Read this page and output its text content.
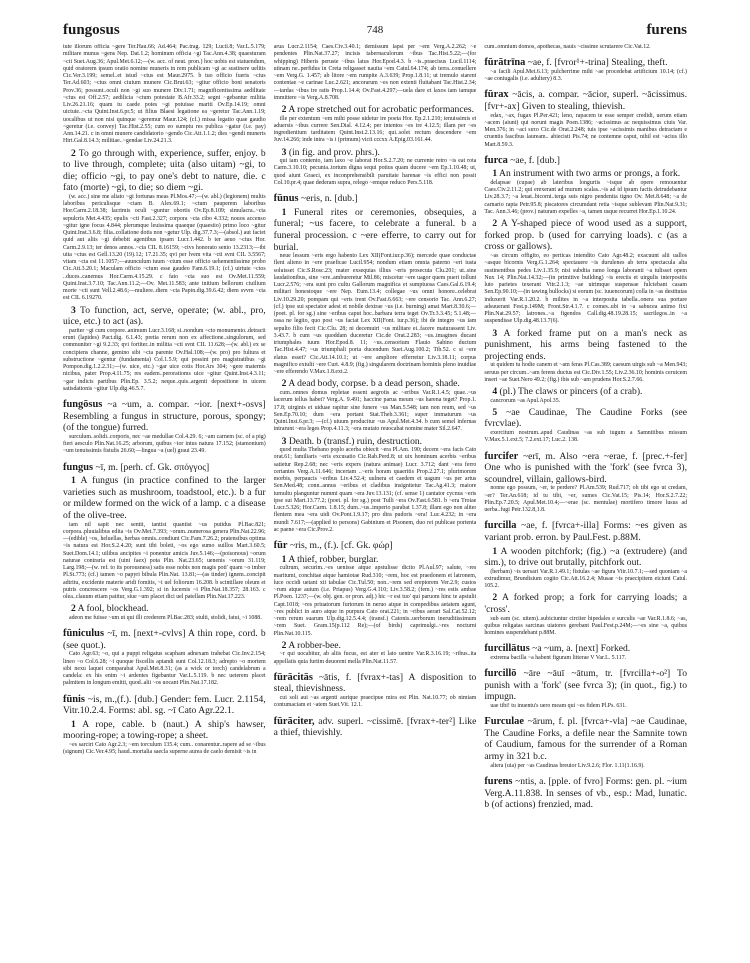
fungosus	748	furens

tute illorum officia ~gere Ter.Hau.66; Ad.464; Pac.trag. 129; Lucil.8; Var.L.5.179; militare munus ~gens Nep. Dat.1.2; hominum officia ~gi Tac.Ann.4.38; quaesturam ~cti Suet.Aug.36; Apul.Met.6.12;—(w. acc. of neut. pron.) hoc uobis est statuendum, quid oratorem ipsum oratio nomine muneris in rem publicam ~gi ac sustinere uelitis Cic.Ver.3.199; semel..et istud ~ctus est Maur.2975. b tuo officio fueris ~ctus Ter.Ad.603; ~ctus omni ciuium munere Cic.Brut.63; ~gitur officio boni senatoris Prov.36; possunt..oculi non ~gi suo munere Div.1.71; magnificentissima aedilitate ~ctus est Off.2.57; aedilicia ~ctum potestate B.Afr.33.2; segni ~gebantur militia Liv.26.21.16; quam tu caede potes ~gi potuisse mariti Ov.Ep.14.19; omni uictute..~cta Quint.Inst.6.pr.5; ut filius Blaesi legatione ea ~geretur Tac.Ann.1.19; uocalibus ut non nisi quinque ~geremur Maur.124; (cf.) missa legatio quae gaudio ~geretur (i.e. convey) Tac.Hist.2.55; cum eo sumptu res publica ~gatur (i.e. pay) Ann.14.21. c in omni munere candidatorio ~gendo Cic.Att.1.1.2; dies ~gendi muneris Hirt.Gal.8.14.3; militiae..~gendae Liv.24.21.3.

2 To go through with, experience, suffer, enjoy. b to live through, complete; uita (also uitam) ~gi, to die; officio ~gi, to pay one's debt to nature, die. c fato (morte) ~gi, to die; so diem ~gi.

(w. acc.) sine me aliato ~gi fortunas meas Pl.Mos.47;—(w. abl.) (legionem) multis laboribus periculisque ~ctam B. Alex.69.1; ~ctum pauperem laboribus Hor.Carm.2.18.38; lacrimis oculi ~guntur obortis Ov.Ep.8.109; simulacra..~cta sepulcris Met.4.435; epulis ~cti Fast.2.327; corpora ~cta cibo 4.332; nouos accenso ~gitur igne focus 4.844; plerumque leuissima quaeque (quaestio) primo loco ~gitur Quint.Inst.3.6.8; filia..collatione dotis non ~getur Ulp. dig.37.7.3;—(absol.) aut faciet quid aut aliis ~gi debebit agentibus ipsam Lucr.1.442. b ter aeuo ~ctus Hor. Carm.2.9.13; ter denos annos..~cta CIL 8.16159; ~ctvs honorato senio 13.2313;—ibi uita ~ctus est Gell.13.20 (19).12; 17.21.35; qvi per lvem vita ~cti svnt CIL 3.5567; vitam ~cta est 11.1057;—auunculum tuum ~ctum esse officio uehementissime probo Cic.Att.3.20.1; Maculam officio ~ctum esse gaudeo Fam.6.19.1; (cf.) uirtute ~ctos ..duces..canemus Hor.Carm.4.15.29. c fato ~cta suo est Ov.Met.11.559; Quint.Inst.3.7.10; Tac.Ann.11.2;—Ov. Met.11.583; ante initium bellorum ciuilium morte ~cti sunt Vell.2.48.6;—muliere..diem ~cta Papin.dig.39.6.42; diem svvm ~cta est CIL 6.19270.

3 To function, act, serve, operate; (w. abl., pro, uice, etc.) to act (as).

pariter ~gi cum corpore..animum Lucr.3.168; si..nondum ~cto monumento..detracti erunt (lapides) Pact.dig. 6.1.43; pretia rerum non ex affectione..singulorum, sed communiter ~gi 9.2.33; qvi fortiter..in militia ~cti svnt CIL 11.628;—(w. abl.) ex se concipiens channe, gemino sibi ~cta parente Ov.Hal.108;—(w. pro) pro fultura et substructione ~gentur (fundamenta) Col.1.5.9; qui possint pro magistratibus ~gi Pompon.dig.1.2.2.31;—(w. uice, etc.) ~gar uice cotis Hor.Ars 304; ~gere maternis nicibus, pater Prop.4.11.75; res eadem..peroratioms uice ~gitur Quint.Inst.4.3.11; ~gar indicis partibus Plin.Ep. 3.5.2; neque..quis..argenti depositione in uicem satisdationis ~gitur Ulp.dig.46.5.7.

fungōsus ~a ~um, a. compar. ~ior. [next+-osvs] Resembling a fungus in structure, porous, spongy; (of the tongue) furred.

surculum..solidi..corporis, nec ~ae medullae Col.4.29. 6; ~am carnem (sc. of a pig) fieri aesculo Plin.Nat.16.25; arborum, quibus ~ior intus natura 17.152; (stamonium) ~um tenuissimis fistulis 26.60;—lingua ~a (uel) graui 23.49.

fungus ~ī, m. [perh. cf. Gk. σπόγγος]

1 A fungus (in practice confined to the larger varieties such as mushroom, toadstool, etc.). b a fur or mildew formed on the wick of a lamp. c a disease of the olive-tree.

iam nil sapit nec sentit, tantist quantist ~us putidus Pl.Bac.821; corpora..pluuialibus edita ~is Ov.Met.7.393; ~orum..numerosa genera Plin.Nat.22.96;—(edible) ~os, heluellas, herbas omnis..condiunt Cic.Fam.7.26.2; pratensibus optima ~is natura est Hor.S.2.4.20; sunt tibi boleti, ~os ego sumo suillos Mart.3.60.5; Suet.Dom.14.1; uilibus ancipites ~i ponentur amicis Juv.5.146;—(poisonous) ~orum naturae contraria est (uini faex) pota Plin. Nat.23.65; uenenis ~orum 31.119; Larg.198;—(w. ref. to its porousness) satis esse nobis non magis poti' quam ~o imber Pl.St.773; (cf.) tamen ~o papyri bibula Plin.Nat. 13.81;—(as tinder) ignem..concipit adtritu, excidente materie aridi fomitis, ~i uel foliorum 16.208. b scintillare oleum et putris concrescere ~os Verg.G.1.392; si in lucernis ~i Plin.Nat.18.357; 28.163. c olea..clauum etiam patitur, siue ~um placet dici uel patellam Plin.Nat.17.223.

2 A fool, blockhead.

adeon me fuisse ~um ut qui illi crederem Pl.Bac.283; stulti, stolidi, fatui, ~i 1088.

fūniculus ~ī, m. [next+-cvlvs] A thin rope, cord. b (see quot.).

Cato Agr.63; ~o, qui a puppi religatus scapham adnexam trahebat Cic.Inv.2.154; lineo ~o Col.6.28; ~i quoque fiscellis aptandi sunt Col.12.18.3; adrepto ~o mortem sibi nexu laquei comparabat Apul.Met.8.31; (as a wick or torch) candelabrum a candela: ex his enim ~i ardentes figebantur Var.L.5.119. b nec ueterem placet palmitem in longum emitti, quod..alii ~os uocant Plin.Nat.17.182.

fūnis ~is, m.,(f.). [dub.] Gender: fem. Lucr. 2.1154, Vitr.10.2.4. Forms: abl. sg. ~ī Cato Agr.22.1.

1 A rope, cable. b (naut.) A ship's hawser, mooring-rope; a towing-rope; a sheet.

~es sarciri Cato Agr.2.3; ~em torculum 135.4; cum.. conarentur..rapere ad se ~ibus (signum) Cic.Ver.4.95; haud..mortalia saecla superne aurea de caelo demisit ~is in

arua Lucr.2.1154; Caes.Civ.3.40.1; demissum lapsi per ~em Verg.A.2.262; ~e pendentes Plin.Nat.37.27; incisis tabernaculorum ~ibus Tac.Hist.5.22;—(for whipping) Hiberis peruste ~ibus latus Hor.Epod.4.3. b ~is..praecisus Lucil.1114; utinam ne..perfidus in Creta religasset nauita ~em Catul.64.174; ab terra..conuellere ~em Verg.G. 1.457; ab litore ~em rumpite A.3.639; Prop.1.8.11; ut tremulo starent contentae ~e carinae Luc.2.621; ancorarum ~es non extenti fluitabant Tac.Hist.2.34;—tardas ~ibus ire ratis Prop.1.14.4; Ov.Fast.4.297;—uela dare et laxos iam iamque immittere ~is Verg.A.8.708.

2 A rope stretched out for acrobatic performances.

ille per extentum ~em mihi posse uidetur ire poeta Hor. Ep.2.1.210; tenuissimis et aduersis ~ibus currere Sen.Dial. 4.12.4; per intentos ~es ire 4.12.5; illam per ~es ingredientium tarditatem Quint.Inst.2.13.16; qui..solet rectum descendere ~em Juv.14.266; inde intra ~is i (primum) vicit cccxx A.Epig.03.161.44.

3 (in fig. and prov. phrs.).

qui iam contento, iam laxo ~e laborat Hor.S.2.7.20; ne currente retro ~is eat rota Carm.3.10.10; pecunia..tortum digna sequi potius quam ducere ~em Ep.1.10.48; ut, quod aiunt Graeci, ex inconprehensibili paruitate harenae ~is effici non possit Col.10.pr.4; quae dederam supra, relego ~emque reduco Pers.5.118.

fūnus ~eris, n. [dub.]

1 Funeral rites or ceremonies, obsequies, a funeral; ~us facere, to celebrate a funeral. b a funeral procession. c ~ere efferre, to carry out for burial.

neue lessum ~eris ergo habento Lex XII(Font.iur.p.36); mercede quae conductae flent alieno in ~ere praeficae Lucil.954; nondum etiam omnia paterno ~eri iusta soluisset Cic.S.Rosc.23; mater exsequias illius ~eris prosecuta Clu.201; ut..sine laudationibus, sine ~ere..ambureretur Mil.86; miscetur ~ere uagor quem pueri tollunt Lucr.2.576; ~era sunt pro cultu Gallorum magnifica et sumptuosa Caes.Gal.6.19.4; militari honestoque ~ere Nep. Eum.13.4; collegae ~us omni honore..celebrat Liv.10.29.20; pompam qui ~eris irent Ov.Fast.6.663; ~ere censorio Tac. Ann.6.27; (cf.) ipse sui spectator adest et nobile dextrae ~us (i.e. burning) amat Mart.8.30.6;—(poet. pl. for sg.) sine ~eribus caput hoc..barbara terra teget Ov.Tr.3.3.45; 5.1.48;—ossa ne legito, quo post ~us faciat Lex XII(Font. iur.p.36); ibi de integro ~us iam sepulto filio fecit Cic.Clu. 28; ni decemuiri ~us militare ei..facere maturassent Liv. 3.43.7. b cum ~us quoddam duceretur Cic.de Orat.2.283; ~us..imagines ducant triumphales tuum Hor.Epod.8. 11; ~us..censorium Flauio Sabino ductum Tac.Hist.4.47; ~us triumphali porta ducendum Suet.Aug.100.2; Tib.52. c si ~ere elatus esset? Cic.Att.14.10.1; ut ~ere ampliore efferretur Liv.3.18.11; corpus magnifico extulit ~ere Curt. 4.8.9; (fig.) singularem doctrinam hominis pleno inuidiae ~ere efferendo V.Max.1.8.ext.2.

2 A dead body, corpse. b a dead person, shade.

cum..omnes domus repletae essent aegrotis ac ~eribus Var.R.1.4.5; quae..~us lacerum tellus habet? Verg.A. 9.491; haccine parua meum ~us harena teget? Prop.1. 17.8; uirginis et uiduae rapitur sine funere ~us Man.5.548; iam non reum, sed ~us Sen.Ep.70.10; dum ~era portant Stat.Theb.3.361; super immaturum ~us Quint.Inst.6.pr.3; —(cf.) uiuum producitur ~us Apul.Met.4.34. b cum semel infernas intrarunt ~era leges Prop.4.11.3; ~era mutato reuocabat nomine mater Sil.2.647.

3 Death. b (transf.) ruin, destruction.

quod multa Thebano poplo acerba obiecit ~era Pl.Am. 190; decem ~era facis Cato orat.61; familiaris ~eris excusatio Cic.Rab.Perd.8; ut uix hominum acerbis ~eribus satietur Rep.2.68; nec ~eris expers (natura animae) Lucr. 3.712; dant ~era ferro certantes Verg.A.11.646; incertam ..~eris horam quaeritis Prop.2.27.1; plurimorum morbis, perpaucis ~eribus Liv.4.52.4; uulnera et caedem et uagum ~us per artus Sen.Med.48; conn..annus ~eribus et cladibus insignitetur Tac.Ag.41.3; maiore tumultu planguntur nummi quam ~era Juv.13.131; (cf. sense 1) cantator cycnus ~eris ipse sui Mart.13.77.2; (poet. pl. for sg.) post Tulli ~era Ov.Fast.6.581. b ~era Troiae Lucr.5.326; Hor.Carm. 1.8.15; dum..~us..imperio parabat 1.37.8; illam ego non aliter flentem mea ~era uidi Ov.Pont.1.9.17; pro dira pudoris ~era! Luc.4.232; in ~era mundi 7.617;—(applied to persons) Gabinium et Pisonem, duo rei publicae portenta ac paene ~era Cic.Prov.2.

fūr ~ris, m., (f.). [cf. Gk. φώρ]

1 A thief, robber, burglar.

cultrum, securim..~es uenisse atque apstulisse dicito Pl.Aul.97; salute, ~res maritumi, conchitae atque hamiotae Rud.310; ~rem, hoc est praedonem et latronem, luce occidi uetant xii tabulae Cic.Tul.50; non..~rem sed ereptorem Ver.2.9; custos ~rum atque auium (i.e. Priapus) Verg.G.4.110; Liv.3.58.2; (fem.) ~res estis ambae Pl.Poen. 1237;—(w. obj. gen. or pron. adj.) hic ~r est tuo' qui paruom hinc te apstulit Capt.1018; ~res priuatorum furtorum in neruo atque in compedibus aetatem agunt, ~res publici in auro atque in purpura Cato orat.221; in ~ribus aerari Sal.Cat.52.12; ~rem rerum suarum Ulp.dig.12.5.4.4; (transf.) Catonis..uerborum ineruditissimum ~rem Suet. Gram.15(p.112 Re);—(of birds) caprimulgi..~res nocturni Plin.Nat.10.115.

2 A robber-bee.

~r qui uocabitur, ab aliis fucus, est ater et lato uentre Var.R.3.16.19; ~ribus..ita appellatis quia furtim deuorent mella Plin.Nat.11.57.

fūrācitās ~ātis, f. [fvrax+-tas] A disposition to steal, thievishness.

cui soli aui ~as argenti aurique praecipue mira est Plin. Nat.10.77; ob nimiam contumaciam et ~atem Suet.Vit. 12.1.

fūrāciter, adv. superl. ~cissimē. [fvrax+-ter²] Like a thief, thievishly.

cum..omnium domos, apothecas, nauis ~cissime scrutarere Cic.Vat.12.

fūrātrīna ~ae, f. [fvror¹+-trina] Stealing, theft.

~a facili Apul.Met.6.13; pulcherrime mihi ~ae procedebat artificium 10.14; (cf.) ~ae coniugalis (i.e. adultery) 8.3.

fūrax ~ācis, a. compar. ~ācior, superl. ~ācissimus. [fvr+-ax] Given to stealing, thievish.

edax, ~ax, fugax Pl.Per.421; leno, rapacem te esse semper credidi, uerum etiam ~acem (aiunt) qui norunt magis Poen.1386; ~acissimus ac nequissimus ciuis Var. Men.376; in ~aci suτο Cic.de Orat.2.248; tuis ipse ~acissimis manibus detractam e cruentis fascibus lauream.. abiecisti Pis.74; ne contemne caput, nihil est ~acius illo Mart.8.59.3.

furca ~ae, f. [dub.]

1 An instrument with two arms or prongs, a fork.

delapsae (cupae) ab lateribus longuriis ~isque ab opere remouentur Caes.Civ.2.11.2; qui erexerant ad murum scalas..~is ad id ipsum factis detrudebantur Liv.28.3.7; ~a leuat..bicorni..terga suis nigro pendentia tigno Ov. Met.8.648; ~a de carnario rapta Petr.95.8; piscatores circumdant retia ~isque sublevant Plin.Nat.9.31; Tac. Ann.3.46; (prov.) naturam expelles ~a, tamen usque recurret Hor.Ep.1.10.24.

2 A Y-shaped piece of wood used as a support, forked prop. b (used for carrying loads). c (as a cross or gallows).

~as circum offigito, eo perticas intendito Cato Agr.48.2; exacuunt alii uallos ~asque bicornis Verg.G.1.264; spectauere ~is durulenes ab terra spectacula alta sustinentibus pedes Liv.1.35.9; nisi subdita ramo longa laboranti ~a tulisset opem Nux 14; Plin.Nat.14.32;—(in primitive building) ~is erectis et uirgulis interpositis luto parietes texerant Vitr.2.1.3; ~ae utrimque suspensae fulciebant casam Sen.Ep.90.10;—(in tawing bullocks) si eorum (sc. iuuencorum) colla in ~as destitutas induxerit Var.R.1.20.2. b milites in ~a interposita tabella..onera sua portare adsuuerant Fest.p.149M; Front.Str.4.1.7. c comes..ubi in ~a sabucea animo fixi Plin.Nat.29.57; latrones..~a figendos Call.dig.48.19.28.15; sacrilegos..in ~a suspendisse Ulp.dig.48.13.7(6).

3 A forked frame put on a man's neck as punishment, his arms being fastened to the projecting ends.

ut quidem tu hodie canem et ~am feras Pl.Cas.389; caesum uirgis sub ~a Men.943; seruus per circum..~am ferens ductus est Cic.Div.1.55; Liv.2.36.10; hominis ceruicem inseri ~ae Suet.Nero 49.2; (fig.) ibis sub ~am prudens Hor.S.2.7.66.

4 (pl.) The claws or pincers (of a crab).

cancrorum ~as Apul.Apol.35.

5 ~ae Caudinae, The Caudine Forks (see fvrcvlae).

exercitum nostrum..apud Caudinas ~as sub iugum a Samnitibus missum V.Max.5.1.ext.5; 7.2.ext.17; Luc.2. 138.

furcifer ~erī, m. Also ~era ~erae, f. [prec.+-fer] One who is punished with the 'fork' (see fvrca 3), scoundrel, villain, gallows-bird.

nonne ego possum, ~er, te perdere? Pl.Am.539; Rud.717; oh tibi ego ut credam, ~er? Ter.An.618; id tu tibi, ~er, sumes Cic.Vat.15; Pis.14; Hor.S.2.7.22; Plin.Ep.7.20.5; Apul.Met.10.4;—~erae (sc. mentulae) mortifero timore lusus ad uerba..fugi Petr.132.8,1.8.

furcilla ~ae, f. [fvrca+-illa] Forms: ~es given as variant prob. erron. by Paul.Fest. p.88M.

1 A wooden pitchfork; (fig.) ~a (extrudere) (and sim.), to drive out brutally, pitchfork out.

(herbam) ~is uersari Var.R.1.49.1; fistulas ~ae figura Vitr.10.7.1;—sed quoniam ~a extrudimur, Brundisium cogito Cic.Att.16.2.4; Musae ~is praecipitem eiciunt Catul. 105.2.

2 A forked prop; a fork for carrying loads; a 'cross'.

sub eam (sc. uitem)..subiciuntur circiter bipedales e surculis ~ae Var.R.1.8.6; ~as, quibus religatas sarcinas uiatores gerebant Paul.Fest.p.24M;—~es sine ~a, quibus homines suspendebant p.88M.

furcillātus ~a ~um, a. [next] Forked.

extrema bacilla ~a habent figuram litterae V Var.L. 5.117.

furcillō ~āre ~āuī ~ātum, tr. [fvrcilla+-o²] To punish with a 'fork' (see fvrca 3); (in quot., fig.) to impugn.

uae tibi! tu inuentu's uero meam qui ~es fidem Pl.Ps. 631.

Furculae ~ārum, f. pl. [fvrca+-vla] ~ae Caudinae, The Caudine Forks, a defile near the Samnite town of Caudium, famous for the surrender of a Roman army in 321 b.c.

altera (uia) per ~as Caudinas breuior Liv.9.2.6; Flor. 1.11(1.16.9).

furens ~ntis, a. [pple. of fvro] Forms: gen. pl. ~ium Verg.A.11.838. In senses of vb., esp.: Mad, lunatic. b (of actions) frenzied, mad.
